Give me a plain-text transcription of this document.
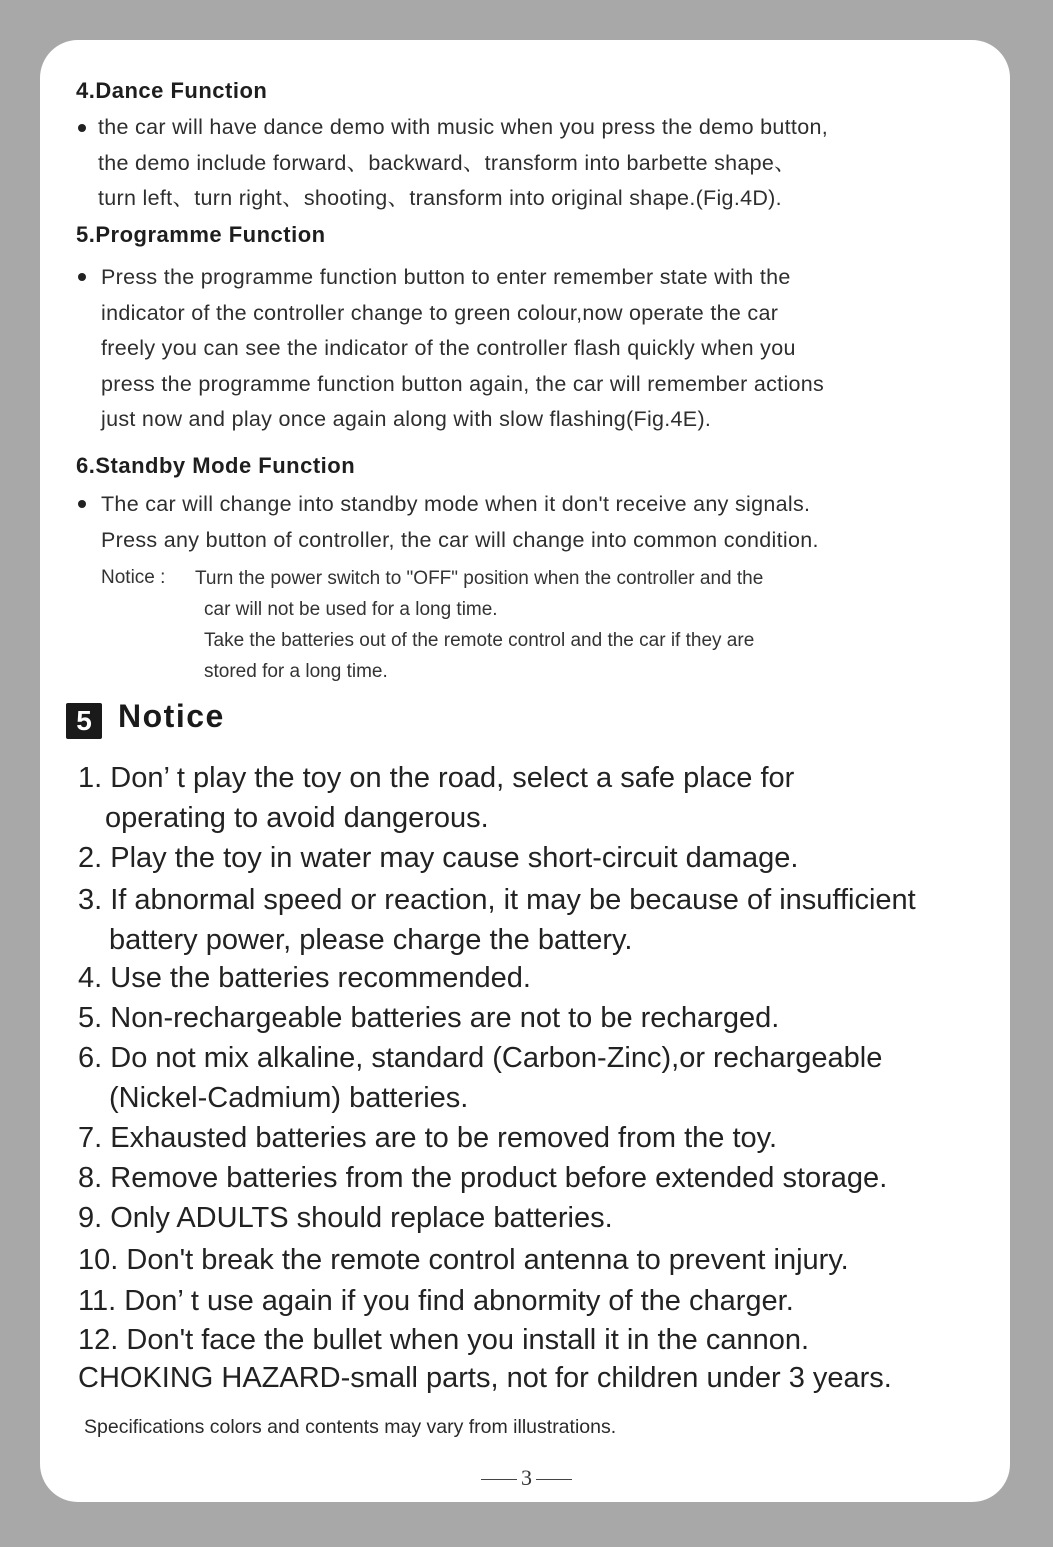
4.Dance Function
the car will have dance demo with music when you press the demo button,
the demo include forward、backward、transform into barbette shape、
turn left、turn right、shooting、transform into original shape.(Fig.4D).
5.Programme Function
Press the programme function button to enter remember state with the
indicator of the controller change to green colour,now operate the car
freely you can see the indicator of the controller flash quickly when you
press the programme function button again, the car will remember actions
just now and play once again along with slow flashing(Fig.4E).
6.Standby Mode Function
The car will change into standby mode when it don't receive any signals.
Press any button of controller, the car will change into common condition.
Notice : Turn the power switch to "OFF" position when the controller and the
car will not be used for a long time.
Take the batteries out of the remote control and the car if they are
stored for a long time.
5 Notice
1. Don’ t play the toy on the road, select a safe place for
operating to avoid dangerous.
2. Play the toy in water may cause short-circuit damage.
3. If abnormal speed or reaction, it may be because of insufficient
battery power, please charge the battery.
4. Use the batteries recommended.
5. Non-rechargeable batteries are not to be recharged.
6. Do not mix alkaline, standard (Carbon-Zinc),or rechargeable
(Nickel-Cadmium) batteries.
7. Exhausted batteries are to be removed from the toy.
8. Remove batteries from the product before extended storage.
9. Only ADULTS should replace batteries.
10. Don't break the remote control antenna to prevent injury.
11. Don’ t use again if you find abnormity of the charger.
12. Don't face the bullet when you install it in the cannon.
CHOKING HAZARD-small parts, not for children under 3 years.
Specifications colors and contents may vary from illustrations.
3
